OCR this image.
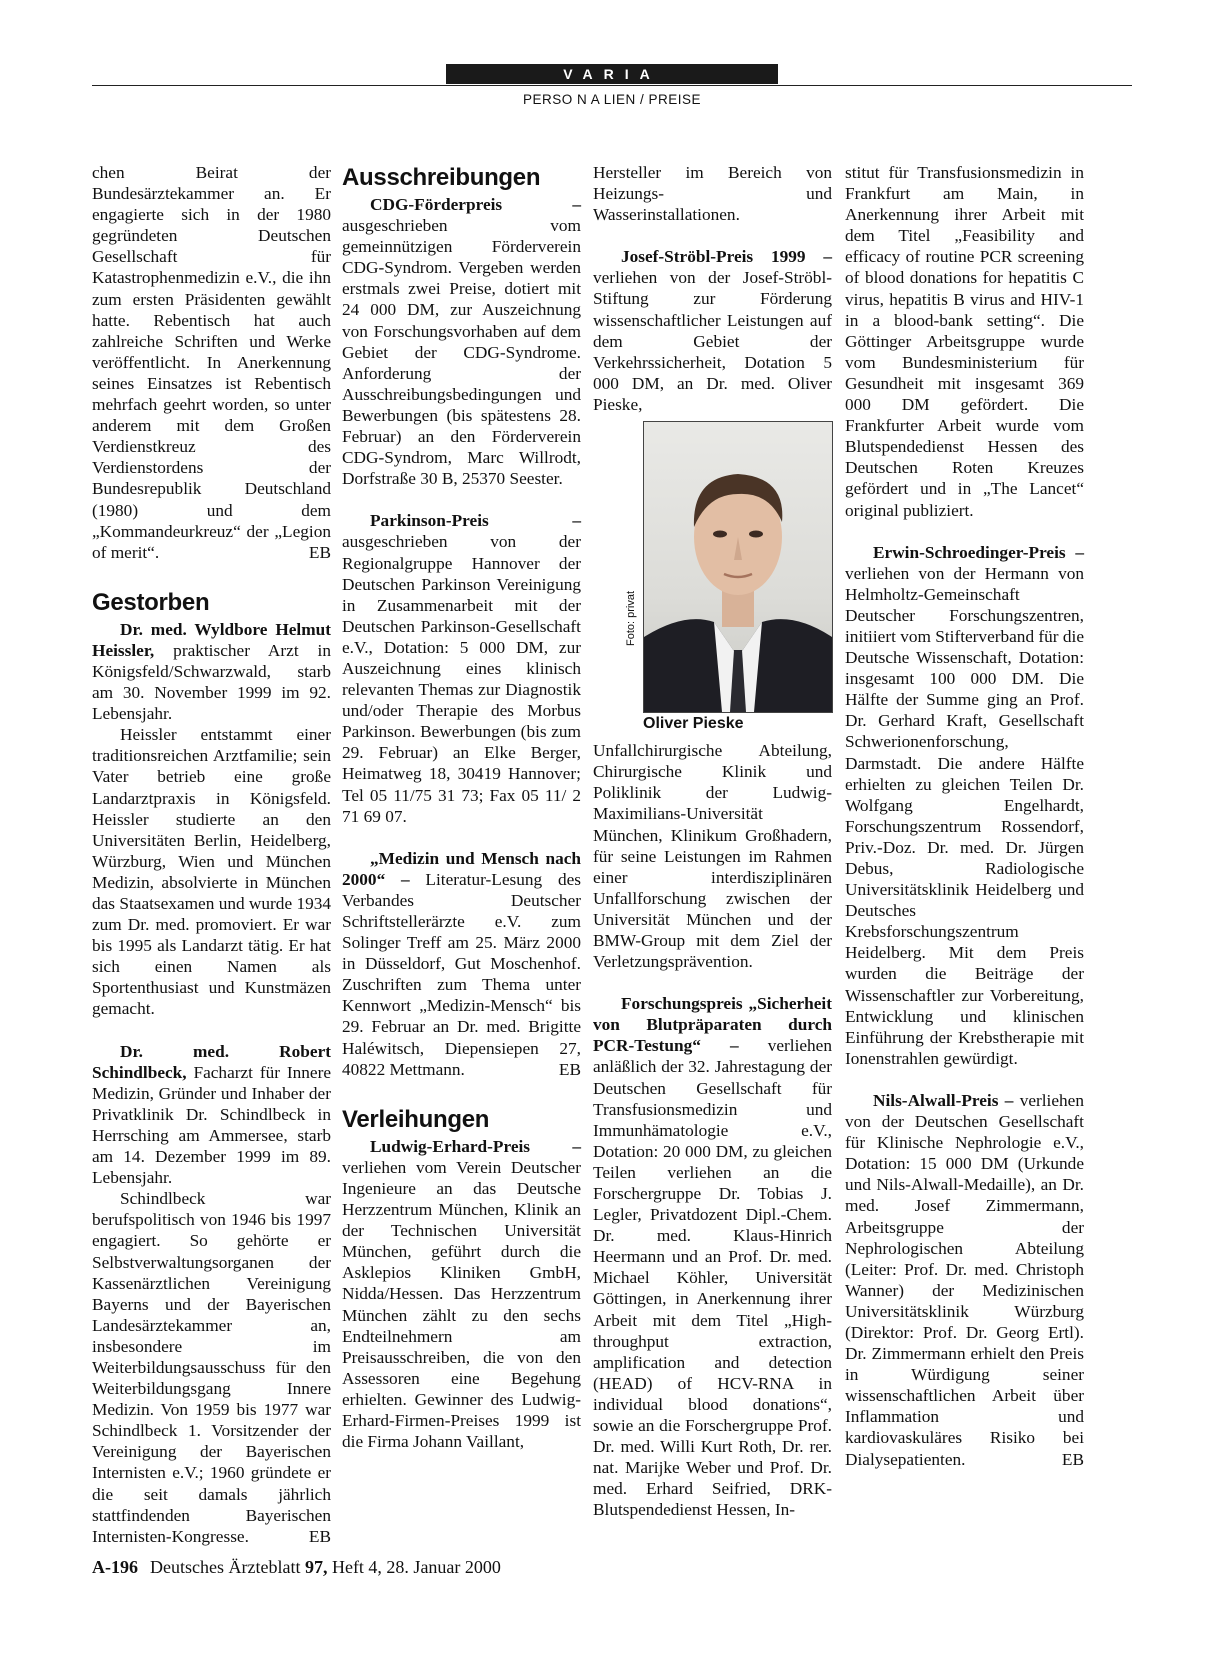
VARIA
PERSO N A LIEN / PREISE

chen Beirat der Bundesärztekammer an. Er engagierte sich in der 1980 gegründeten Deutschen Gesellschaft für Katastrophenmedizin e.V., die ihn zum ersten Präsidenten gewählt hatte. Rebentisch hat auch zahlreiche Schriften und Werke veröffentlicht. In Anerkennung seines Einsatzes ist Rebentisch mehrfach geehrt worden, so unter anderem mit dem Großen Verdienstkreuz des Verdienstordens der Bundesrepublik Deutschland (1980) und dem „Kommandeurkreuz“ der „Legion of merit“.	EB

Gestorben

Dr. med. Wyldbore Helmut Heissler, praktischer Arzt in Königsfeld/Schwarzwald, starb am 30. November 1999 im 92. Lebensjahr.

Heissler entstammt einer traditionsreichen Arztfamilie; sein Vater betrieb eine große Landarztpraxis in Königsfeld. Heissler studierte an den Universitäten Berlin, Heidelberg, Würzburg, Wien und München Medizin, absolvierte in München das Staatsexamen und wurde 1934 zum Dr. med. promoviert. Er war bis 1995 als Landarzt tätig. Er hat sich einen Namen als Sportenthusiast und Kunstmäzen gemacht.

Dr. med. Robert Schindlbeck, Facharzt für Innere Medizin, Gründer und Inhaber der Privatklinik Dr. Schindlbeck in Herrsching am Ammersee, starb am 14. Dezember 1999 im 89. Lebensjahr.

Schindlbeck war berufspolitisch von 1946 bis 1997 engagiert. So gehörte er Selbstverwaltungsorganen der Kassenärztlichen Vereinigung Bayerns und der Bayerischen Landesärztekammer an, insbesondere im Weiterbildungsausschuss für den Weiterbildungsgang Innere Medizin. Von 1959 bis 1977 war Schindlbeck 1. Vorsitzender der Vereinigung der Bayerischen Internisten e.V.; 1960 gründete er die seit damals jährlich stattfindenden Bayerischen Internisten-Kongresse.	EB

Ausschreibungen

CDG-Förderpreis – ausgeschrieben vom gemeinnützigen Förderverein CDG-Syndrom. Vergeben werden erstmals zwei Preise, dotiert mit 24 000 DM, zur Auszeichnung von Forschungsvorhaben auf dem Gebiet der CDG-Syndrome. Anforderung der Ausschreibungsbedingungen und Bewerbungen (bis spätestens 28. Februar) an den Förderverein CDG-Syndrom, Marc Willrodt, Dorfstraße 30 B, 25370 Seester.

Parkinson-Preis – ausgeschrieben von der Regionalgruppe Hannover der Deutschen Parkinson Vereinigung in Zusammenarbeit mit der Deutschen Parkinson-Gesellschaft e.V., Dotation: 5 000 DM, zur Auszeichnung eines klinisch relevanten Themas zur Diagnostik und/oder Therapie des Morbus Parkinson. Bewerbungen (bis zum 29. Februar) an Elke Berger, Heimatweg 18, 30419 Hannover; Tel 05 11/75 31 73; Fax 05 11/ 2 71 69 07.

„Medizin und Mensch nach 2000“ – Literatur-Lesung des Verbandes Deutscher Schriftstellerärzte e.V. zum Solinger Treff am 25. März 2000 in Düsseldorf, Gut Moschenhof. Zuschriften zum Thema unter Kennwort „Medizin-Mensch“ bis 29. Februar an Dr. med. Brigitte Haléwitsch, Diepensiepen 27, 40822 Mettmann.	EB

Verleihungen

Ludwig-Erhard-Preis – verliehen vom Verein Deutscher Ingenieure an das Deutsche Herzzentrum München, Klinik an der Technischen Universität München, geführt durch die Asklepios Kliniken GmbH, Nidda/Hessen. Das Herzzentrum München zählt zu den sechs Endteilnehmern am Preisausschreiben, die von den Assessoren eine Begehung erhielten. Gewinner des Ludwig-Erhard-Firmen-Preises 1999 ist die Firma Johann Vaillant,

Hersteller im Bereich von Heizungs- und Wasserinstallationen.

Josef-Ströbl-Preis 1999 – verliehen von der Josef-Ströbl-Stiftung zur Förderung wissenschaftlicher Leistungen auf dem Gebiet der Verkehrssicherheit, Dotation 5 000 DM, an Dr. med. Oliver Pieske,

Foto: privat

Oliver Pieske

Unfallchirurgische Abteilung, Chirurgische Klinik und Poliklinik der Ludwig-Maximilians-Universität München, Klinikum Großhadern, für seine Leistungen im Rahmen einer interdisziplinären Unfallforschung zwischen der Universität München und der BMW-Group mit dem Ziel der Verletzungsprävention.

Forschungspreis „Sicherheit von Blutpräparaten durch PCR-Testung“ – verliehen anläßlich der 32. Jahrestagung der Deutschen Gesellschaft für Transfusionsmedizin und Immunhämatologie e.V., Dotation: 20 000 DM, zu gleichen Teilen verliehen an die Forschergruppe Dr. Tobias J. Legler, Privatdozent Dipl.-Chem. Dr. med. Klaus-Hinrich Heermann und an Prof. Dr. med. Michael Köhler, Universität Göttingen, in Anerkennung ihrer Arbeit mit dem Titel „High-throughput extraction, amplification and detection (HEAD) of HCV-RNA in individual blood donations“, sowie an die Forschergruppe Prof. Dr. med. Willi Kurt Roth, Dr. rer. nat. Marijke Weber und Prof. Dr. med. Erhard Seifried, DRK-Blutspendedienst Hessen, In-

stitut für Transfusionsmedizin in Frankfurt am Main, in Anerkennung ihrer Arbeit mit dem Titel „Feasibility and efficacy of routine PCR screening of blood donations for hepatitis C virus, hepatitis B virus and HIV-1 in a blood-bank setting“. Die Göttinger Arbeitsgruppe wurde vom Bundesministerium für Gesundheit mit insgesamt 369 000 DM gefördert. Die Frankfurter Arbeit wurde vom Blutspendedienst Hessen des Deutschen Roten Kreuzes gefördert und in „The Lancet“ original publiziert.

Erwin-Schroedinger-Preis – verliehen von der Hermann von Helmholtz-Gemeinschaft Deutscher Forschungszentren, initiiert vom Stifterverband für die Deutsche Wissenschaft, Dotation: insgesamt 100 000 DM. Die Hälfte der Summe ging an Prof. Dr. Gerhard Kraft, Gesellschaft Schwerionenforschung, Darmstadt. Die andere Hälfte erhielten zu gleichen Teilen Dr. Wolfgang Engelhardt, Forschungszentrum Rossendorf, Priv.-Doz. Dr. med. Dr. Jürgen Debus, Radiologische Universitätsklinik Heidelberg und Deutsches Krebsforschungszentrum Heidelberg. Mit dem Preis wurden die Beiträge der Wissenschaftler zur Vorbereitung, Entwicklung und klinischen Einführung der Krebstherapie mit Ionenstrahlen gewürdigt.

Nils-Alwall-Preis – verliehen von der Deutschen Gesellschaft für Klinische Nephrologie e.V., Dotation: 15 000 DM (Urkunde und Nils-Alwall-Medaille), an Dr. med. Josef Zimmermann, Arbeitsgruppe der Nephrologischen Abteilung (Leiter: Prof. Dr. med. Christoph Wanner) der Medizinischen Universitätsklinik Würzburg (Direktor: Prof. Dr. Georg Ertl). Dr. Zimmermann erhielt den Preis in Würdigung seiner wissenschaftlichen Arbeit über Inflammation und kardiovaskuläres Risiko bei Dialysepatienten.	EB

A-196 Deutsches Ärzteblatt 97, Heft 4, 28. Januar 2000
